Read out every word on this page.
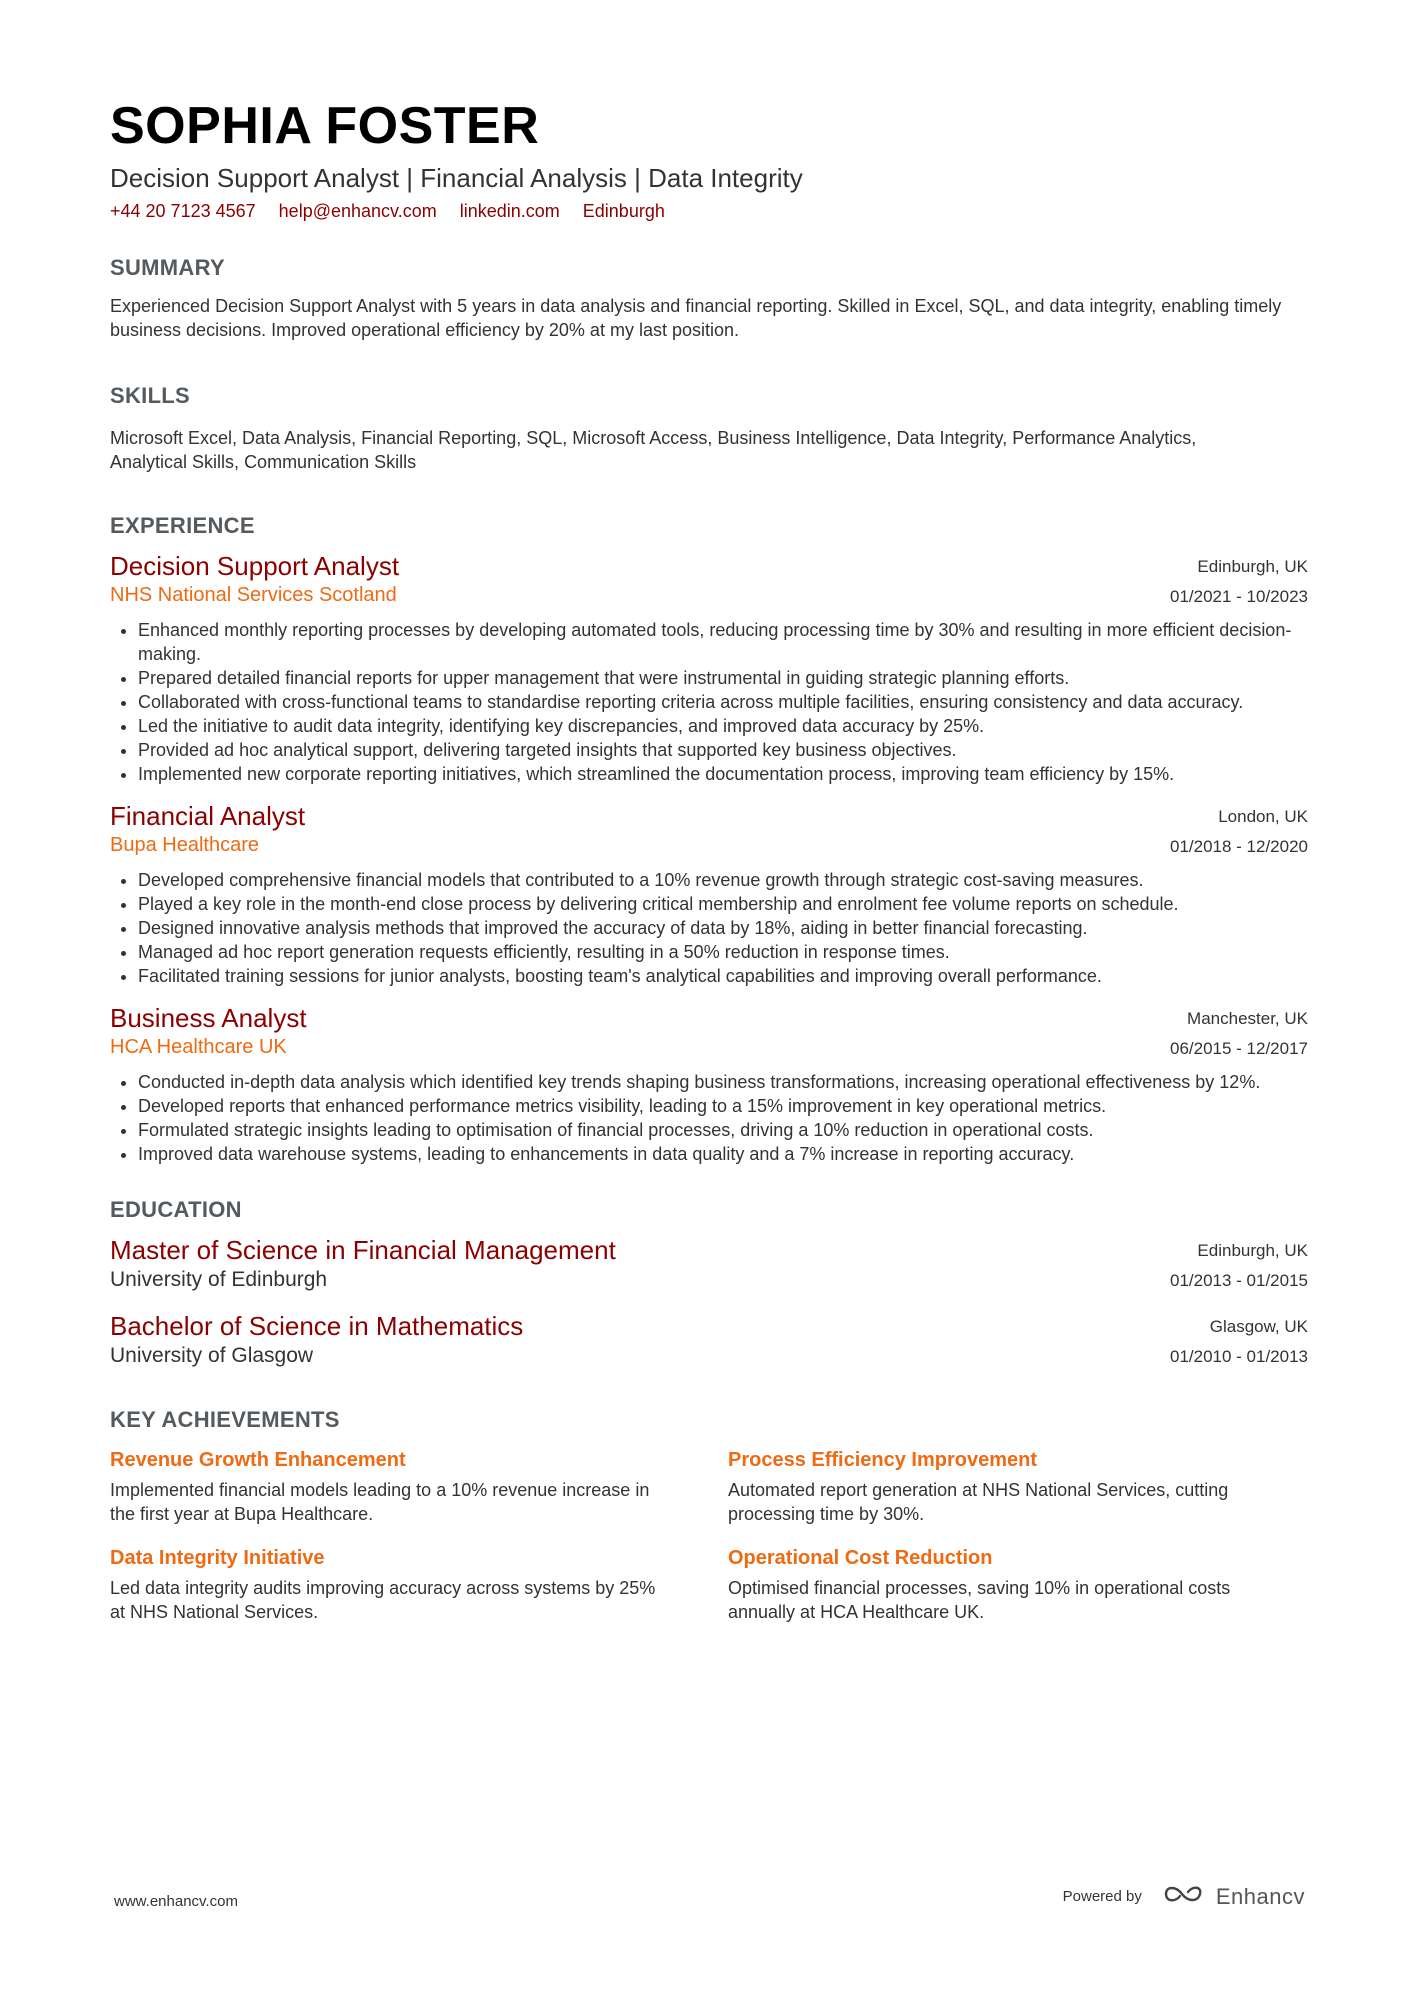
SOPHIA FOSTER
Decision Support Analyst | Financial Analysis | Data Integrity
+44 20 7123 4567 help@enhancv.com linkedin.com Edinburgh
SUMMARY
Experienced Decision Support Analyst with 5 years in data analysis and financial reporting. Skilled in Excel, SQL, and data integrity, enabling timely business decisions. Improved operational efficiency by 20% at my last position.
SKILLS
Microsoft Excel, Data Analysis, Financial Reporting, SQL, Microsoft Access, Business Intelligence, Data Integrity, Performance Analytics, Analytical Skills, Communication Skills
EXPERIENCE
Decision Support Analyst
NHS National Services Scotland
Edinburgh, UK
01/2021 - 10/2023
• Enhanced monthly reporting processes by developing automated tools, reducing processing time by 30% and resulting in more efficient decision-making.
• Prepared detailed financial reports for upper management that were instrumental in guiding strategic planning efforts.
• Collaborated with cross-functional teams to standardise reporting criteria across multiple facilities, ensuring consistency and data accuracy.
• Led the initiative to audit data integrity, identifying key discrepancies, and improved data accuracy by 25%.
• Provided ad hoc analytical support, delivering targeted insights that supported key business objectives.
• Implemented new corporate reporting initiatives, which streamlined the documentation process, improving team efficiency by 15%.
Financial Analyst
Bupa Healthcare
London, UK
01/2018 - 12/2020
• Developed comprehensive financial models that contributed to a 10% revenue growth through strategic cost-saving measures.
• Played a key role in the month-end close process by delivering critical membership and enrolment fee volume reports on schedule.
• Designed innovative analysis methods that improved the accuracy of data by 18%, aiding in better financial forecasting.
• Managed ad hoc report generation requests efficiently, resulting in a 50% reduction in response times.
• Facilitated training sessions for junior analysts, boosting team's analytical capabilities and improving overall performance.
Business Analyst
HCA Healthcare UK
Manchester, UK
06/2015 - 12/2017
• Conducted in-depth data analysis which identified key trends shaping business transformations, increasing operational effectiveness by 12%.
• Developed reports that enhanced performance metrics visibility, leading to a 15% improvement in key operational metrics.
• Formulated strategic insights leading to optimisation of financial processes, driving a 10% reduction in operational costs.
• Improved data warehouse systems, leading to enhancements in data quality and a 7% increase in reporting accuracy.
EDUCATION
Master of Science in Financial Management
University of Edinburgh
Edinburgh, UK
01/2013 - 01/2015
Bachelor of Science in Mathematics
University of Glasgow
Glasgow, UK
01/2010 - 01/2013
KEY ACHIEVEMENTS
Revenue Growth Enhancement
Implemented financial models leading to a 10% revenue increase in the first year at Bupa Healthcare.
Process Efficiency Improvement
Automated report generation at NHS National Services, cutting processing time by 30%.
Data Integrity Initiative
Led data integrity audits improving accuracy across systems by 25% at NHS National Services.
Operational Cost Reduction
Optimised financial processes, saving 10% in operational costs annually at HCA Healthcare UK.
www.enhancv.com	Powered by	Enhancv
